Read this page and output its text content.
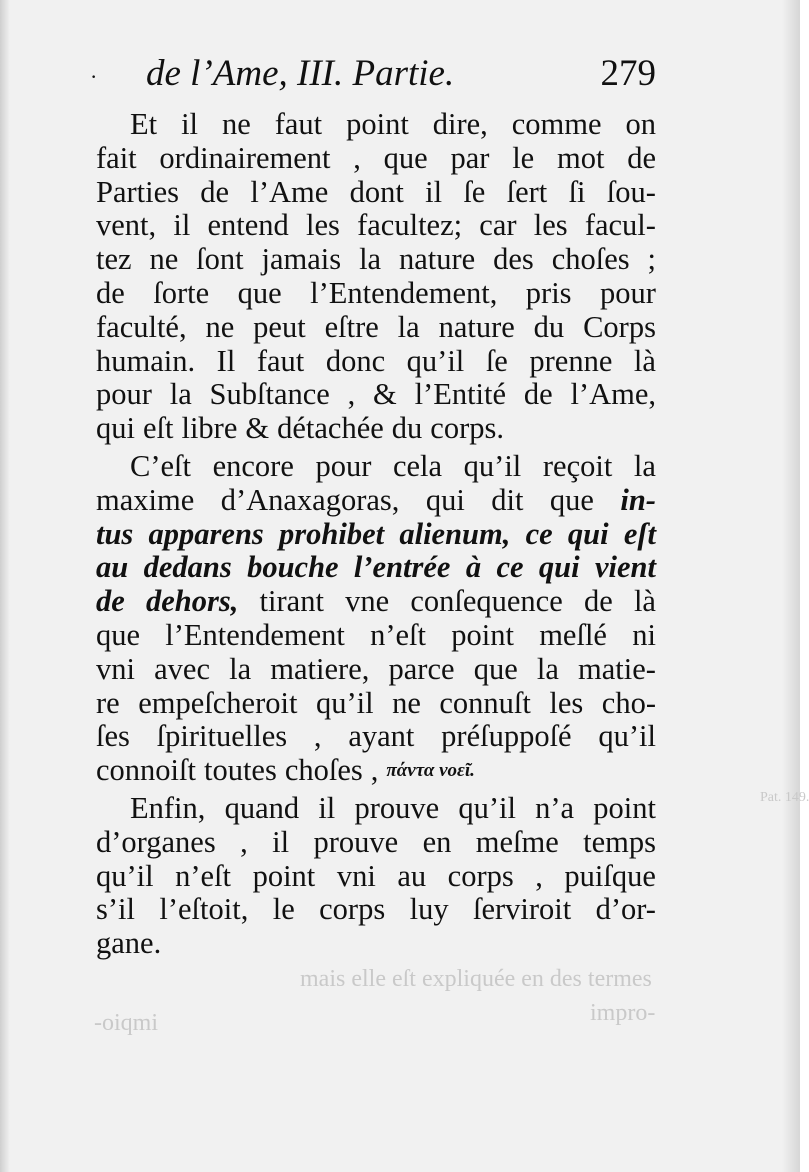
mais elle eſt expliquée en des termes
impro-
-oiqmi
Pat. 149.
· de l’Ame, III. Partie.	279
Et il ne faut point dire, comme on
fait ordinairement , que par le mot de
Parties de l’Ame dont il ſe ſert ſi ſou-
vent, il entend les facultez; car les facul-
tez ne ſont jamais la nature des choſes ;
de ſorte que l’Entendement, pris pour
faculté, ne peut eſtre la nature du Corps
humain. Il faut donc qu’il ſe prenne là
pour la Subſtance , & l’Entité de l’Ame,
qui eſt libre & détachée du corps.
C’eſt encore pour cela qu’il reçoit la
maxime d’Anaxagoras, qui dit que in-
tus apparens prohibet alienum, ce qui eſt
au dedans bouche l’entrée à ce qui vient
de dehors, tirant vne conſequence de là
que l’Entendement n’eſt point meſlé ni
vni avec la matiere, parce que la matie-
re empeſcheroit qu’il ne connuſt les cho-
ſes ſpirituelles , ayant préſuppoſé qu’il
connoiſt toutes choſes , πάντα νοεῖ.
Enfin, quand il prouve qu’il n’a point
d’organes , il prouve en meſme temps
qu’il n’eſt point vni au corps , puiſque
s’il l’eſtoit, le corps luy ſerviroit d’or-
gane.
